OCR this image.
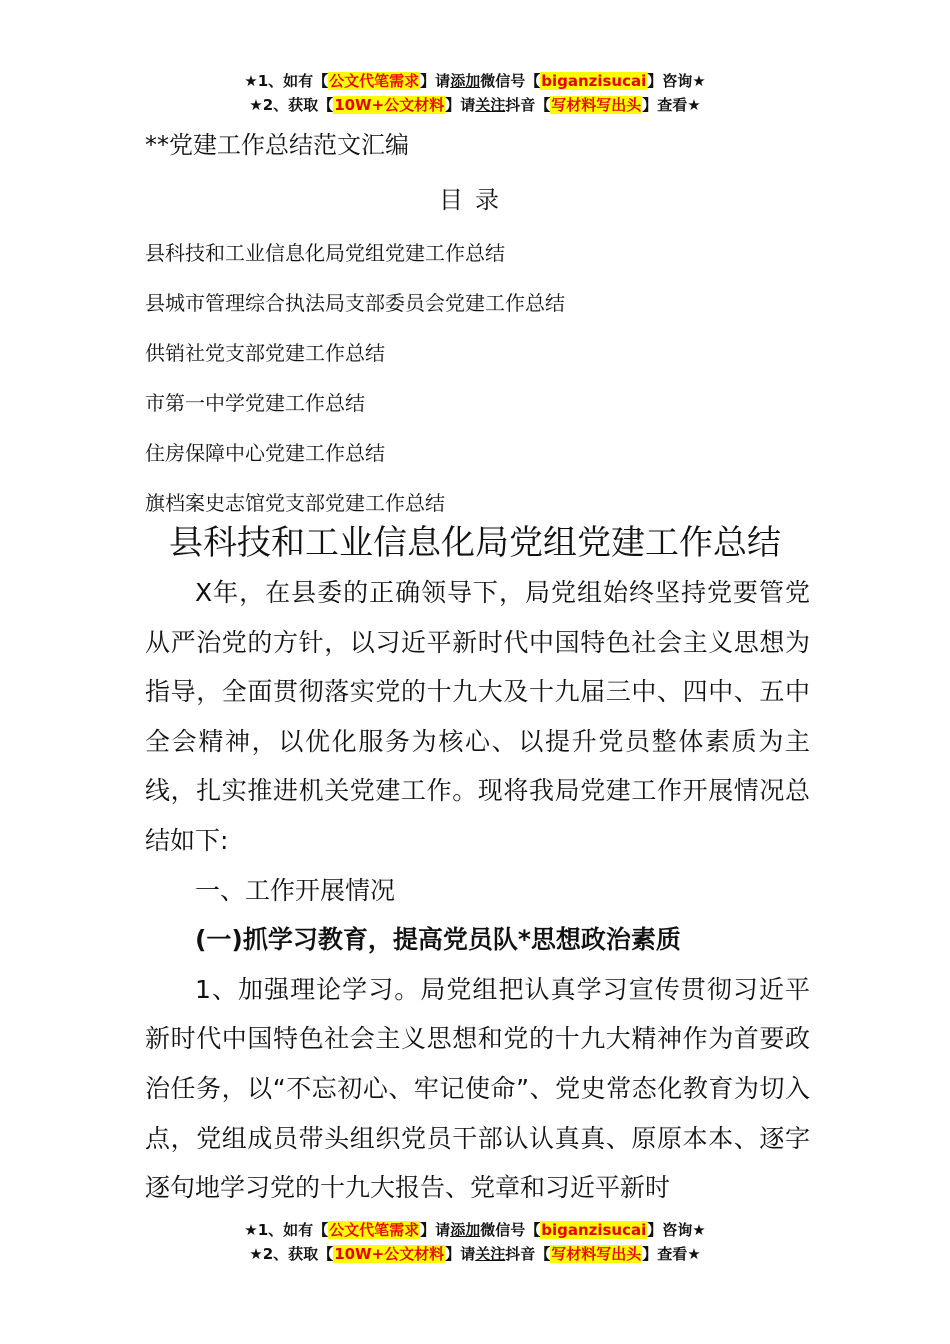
★1、如有【公文代笔需求】请添加微信号【biganzisucai】咨询★
★2、获取【10W+公文材料】请关注抖音【写材料写出头】查看★
**党建工作总结范文汇编
目录
县科技和工业信息化局党组党建工作总结
县城市管理综合执法局支部委员会党建工作总结
供销社党支部党建工作总结
市第一中学党建工作总结
住房保障中心党建工作总结
旗档案史志馆党支部党建工作总结
县科技和工业信息化局党组党建工作总结

X年，在县委的正确领导下，局党组始终坚持党要管党从严治党的方针，以习近平新时代中国特色社会主义思想为指导，全面贯彻落实党的十九大及十九届三中、四中、五中全会精神，以优化服务为核心、以提升党员整体素质为主线，扎实推进机关党建工作。现将我局党建工作开展情况总结如下:

一、工作开展情况

(一)抓学习教育，提高党员队*思想政治素质

1、加强理论学习。局党组把认真学习宣传贯彻习近平新时代中国特色社会主义思想和党的十九大精神作为首要政治任务，以“不忘初心、牢记使命”、党史常态化教育为切入点，党组成员带头组织党员干部认认真真、原原本本、逐字逐句地学习党的十九大报告、党章和习近平新时

★1、如有【公文代笔需求】请添加微信号【biganzisucai】咨询★
★2、获取【10W+公文材料】请关注抖音【写材料写出头】查看★
